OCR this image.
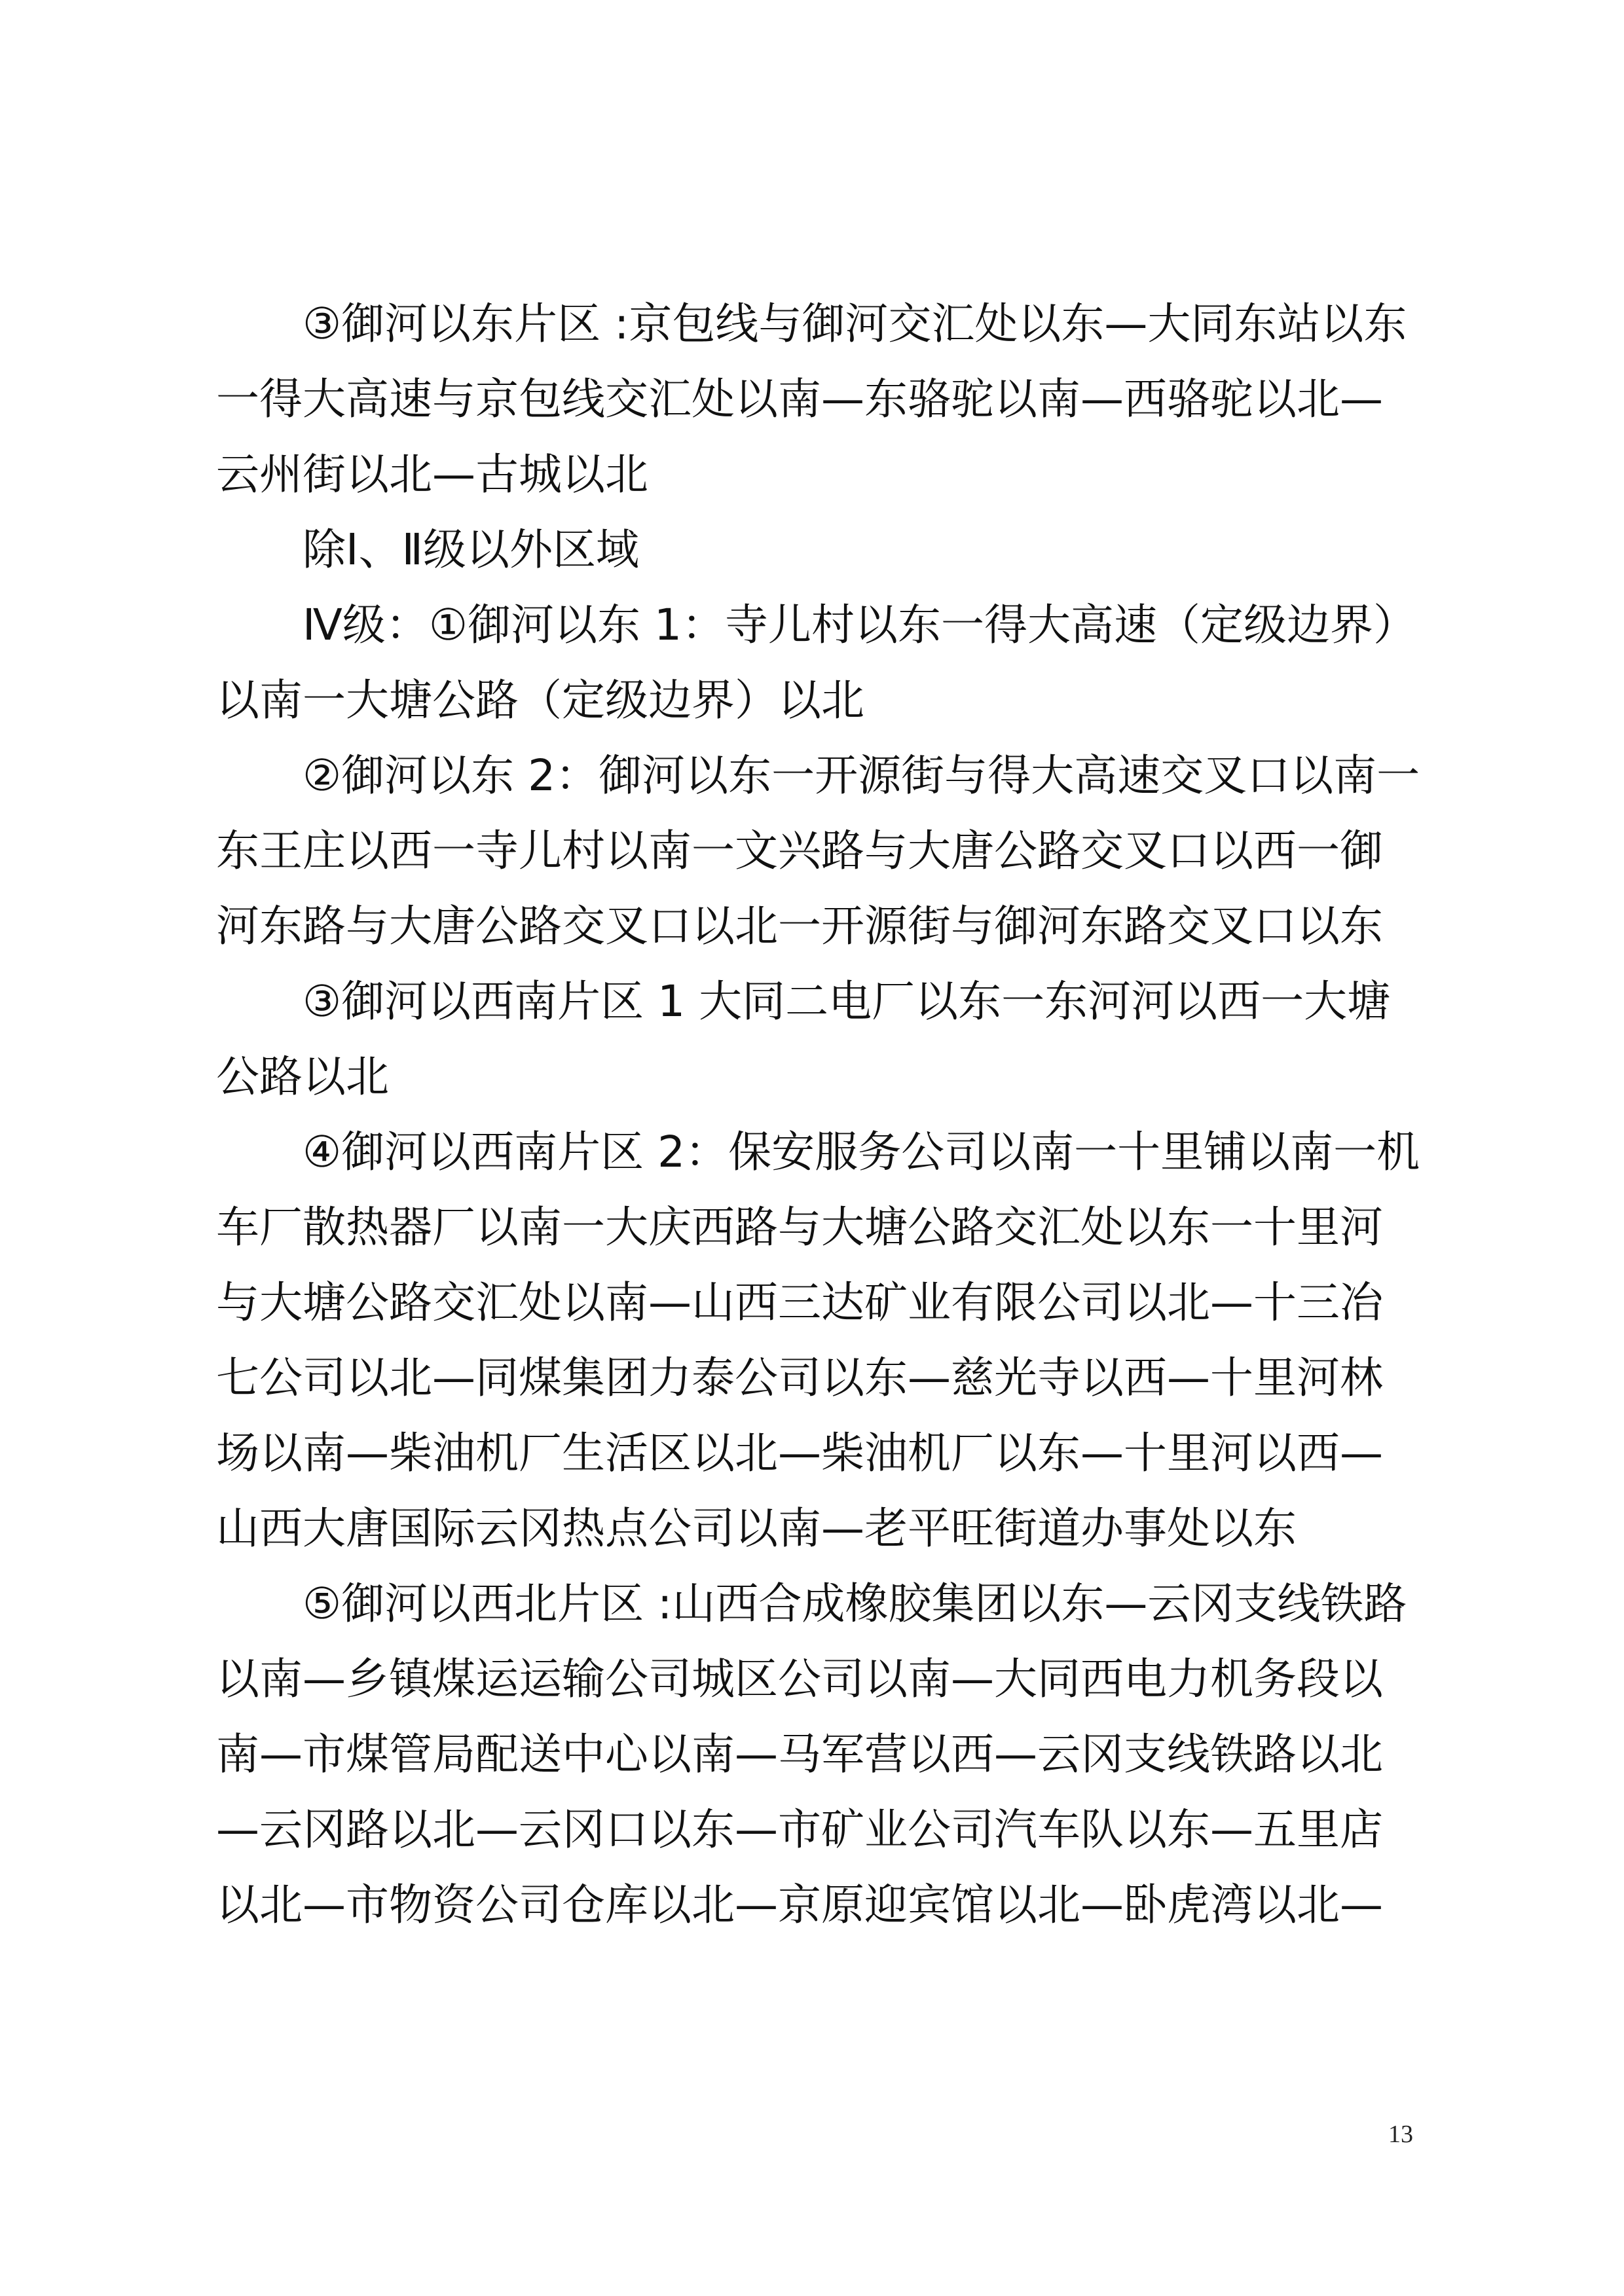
③御河以东片区 :京包线与御河交汇处以东—大同东站以东
一得大高速与京包线交汇处以南—东骆驼以南—西骆驼以北—
云州街以北—古城以北
除Ⅰ、Ⅱ级以外区域
Ⅳ级：①御河以东 1：寺儿村以东一得大高速（定级边界）
以南一大塘公路（定级边界）以北
②御河以东 2：御河以东一开源街与得大高速交叉口以南一
东王庄以西一寺儿村以南一文兴路与大唐公路交叉口以西一御
河东路与大唐公路交叉口以北一开源街与御河东路交叉口以东
③御河以西南片区 1 大同二电厂以东一东河河以西一大塘
公路以北
④御河以西南片区 2：保安服务公司以南一十里铺以南一机
车厂散热器厂以南一大庆西路与大塘公路交汇处以东一十里河
与大塘公路交汇处以南—山西三达矿业有限公司以北—十三冶
七公司以北—同煤集团力泰公司以东—慈光寺以西—十里河林
场以南—柴油机厂生活区以北—柴油机厂以东—十里河以西—
山西大唐国际云冈热点公司以南—老平旺街道办事处以东
⑤御河以西北片区 :山西合成橡胶集团以东—云冈支线铁路
以南—乡镇煤运运输公司城区公司以南—大同西电力机务段以
南—市煤管局配送中心以南—马军营以西—云冈支线铁路以北
—云冈路以北—云冈口以东—市矿业公司汽车队以东—五里店
以北—市物资公司仓库以北—京原迎宾馆以北—卧虎湾以北—
13
